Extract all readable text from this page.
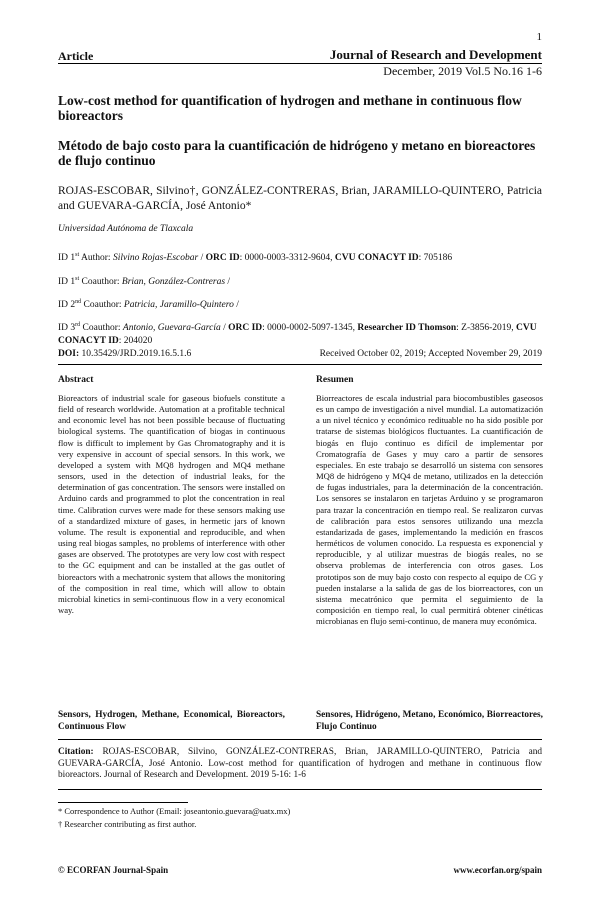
1
Article	Journal of Research and Development
December, 2019 Vol.5 No.16 1-6
Low-cost method for quantification of hydrogen and methane in continuous flow bioreactors
Método de bajo costo para la cuantificación de hidrógeno y metano en bioreactores de flujo continuo
ROJAS-ESCOBAR, Silvino†, GONZÁLEZ-CONTRERAS, Brian, JARAMILLO-QUINTERO, Patricia and GUEVARA-GARCÍA, José Antonio*
Universidad Autónoma de Tlaxcala
ID 1st Author: Silvino Rojas-Escobar / ORC ID: 0000-0003-3312-9604, CVU CONACYT ID: 705186
ID 1st Coauthor: Brian, González-Contreras /
ID 2nd Coauthor: Patricia, Jaramillo-Quintero /
ID 3rd Coauthor: Antonio, Guevara-García / ORC ID: 0000-0002-5097-1345, Researcher ID Thomson: Z-3856-2019, CVU CONACYT ID: 204020
DOI: 10.35429/JRD.2019.16.5.1.6	Received October 02, 2019; Accepted November 29, 2019
Abstract
Bioreactors of industrial scale for gaseous biofuels constitute a field of research worldwide. Automation at a profitable technical and economic level has not been possible because of fluctuating biological systems. The quantification of biogas in continuous flow is difficult to implement by Gas Chromatography and it is very expensive in account of special sensors. In this work, we developed a system with MQ8 hydrogen and MQ4 methane sensors, used in the detection of industrial leaks, for the determination of gas concentration. The sensors were installed on Arduino cards and programmed to plot the concentration in real time. Calibration curves were made for these sensors making use of a standardized mixture of gases, in hermetic jars of known volume. The result is exponential and reproducible, and when using real biogas samples, no problems of interference with other gases are observed. The prototypes are very low cost with respect to the GC equipment and can be installed at the gas outlet of bioreactors with a mechatronic system that allows the monitoring of the composition in real time, which will allow to obtain microbial kinetics in semi-continuous flow in a very economical way.
Sensors, Hydrogen, Methane, Economical, Bioreactors, Continuous Flow
Resumen
Biorreactores de escala industrial para biocombustibles gaseosos es un campo de investigación a nivel mundial. La automatización a un nivel técnico y económico redituable no ha sido posible por tratarse de sistemas biológicos fluctuantes. La cuantificación de biogás en flujo continuo es difícil de implementar por Cromatografía de Gases y muy caro a partir de sensores especiales. En este trabajo se desarrolló un sistema con sensores MQ8 de hidrógeno y MQ4 de metano, utilizados en la detección de fugas industriales, para la determinación de la concentración. Los sensores se instalaron en tarjetas Arduino y se programaron para trazar la concentración en tiempo real. Se realizaron curvas de calibración para estos sensores utilizando una mezcla estandarizada de gases, implementando la medición en frascos herméticos de volumen conocido. La respuesta es exponencial y reproducible, y al utilizar muestras de biogás reales, no se observa problemas de interferencia con otros gases. Los prototipos son de muy bajo costo con respecto al equipo de CG y pueden instalarse a la salida de gas de los biorreactores, con un sistema mecatrónico que permita el seguimiento de la composición en tiempo real, lo cual permitirá obtener cinéticas microbianas en flujo semi-continuo, de manera muy económica.
Sensores, Hidrógeno, Metano, Económico, Biorreactores, Flujo Continuo
Citation: ROJAS-ESCOBAR, Silvino, GONZÁLEZ-CONTRERAS, Brian, JARAMILLO-QUINTERO, Patricia and GUEVARA-GARCÍA, José Antonio. Low-cost method for quantification of hydrogen and methane in continuous flow bioreactors. Journal of Research and Development. 2019 5-16: 1-6
* Correspondence to Author (Email: joseantonio.guevara@uatx.mx)
† Researcher contributing as first author.
© ECORFAN Journal-Spain	www.ecorfan.org/spain
